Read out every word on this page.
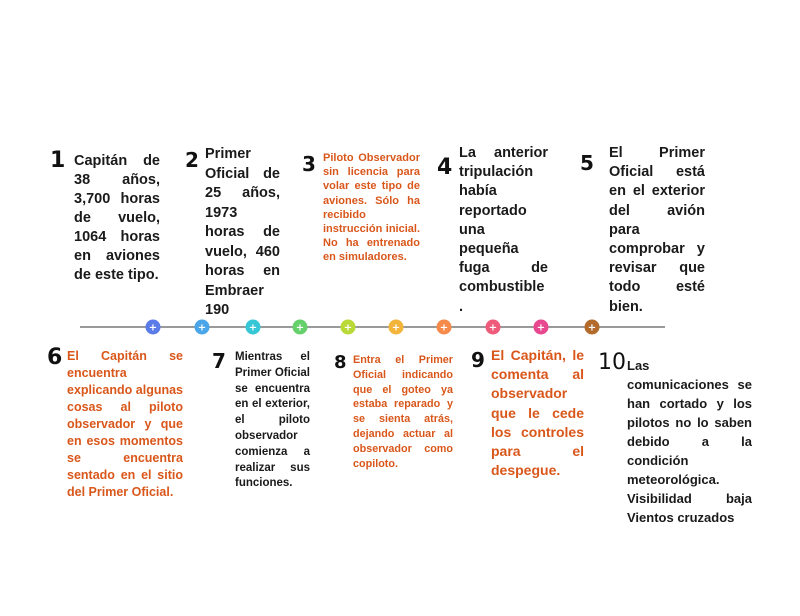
1 Capitán de 38 años, 3,700 horas de vuelo, 1064 horas en aviones de este tipo.
2 Primer Oficial de 25 años, 1973 horas de vuelo, 460 horas en Embraer 190
3 Piloto Observador sin licencia para volar este tipo de aviones. Sólo ha recibido instrucción inicial. No ha entrenado en simuladores.
4
La anterior tripulación había reportado una pequeña fuga de combustible .
5 El Primer Oficial está en el exterior del avión para comprobar y revisar que todo esté bien.
+	+	+	+	+	+	+	+	+	+
6 El Capitán se encuentra explicando algunas cosas al piloto observador y que en esos momentos se encuentra sentado en el sitio del Primer Oficial.
7 Mientras el Primer Oficial se encuentra en el exterior, el piloto observador comienza a realizar sus funciones.
8 Entra el Primer Oficial indicando que el goteo ya estaba reparado y se sienta atrás, dejando actuar al observador como copiloto.
9 El Capitán, le comenta al observador que le cede los controles para el despegue.
10 Las comunicaciones se han cortado y los pilotos no lo saben debido a la condición meteorológica. Visibilidad baja Vientos cruzados
